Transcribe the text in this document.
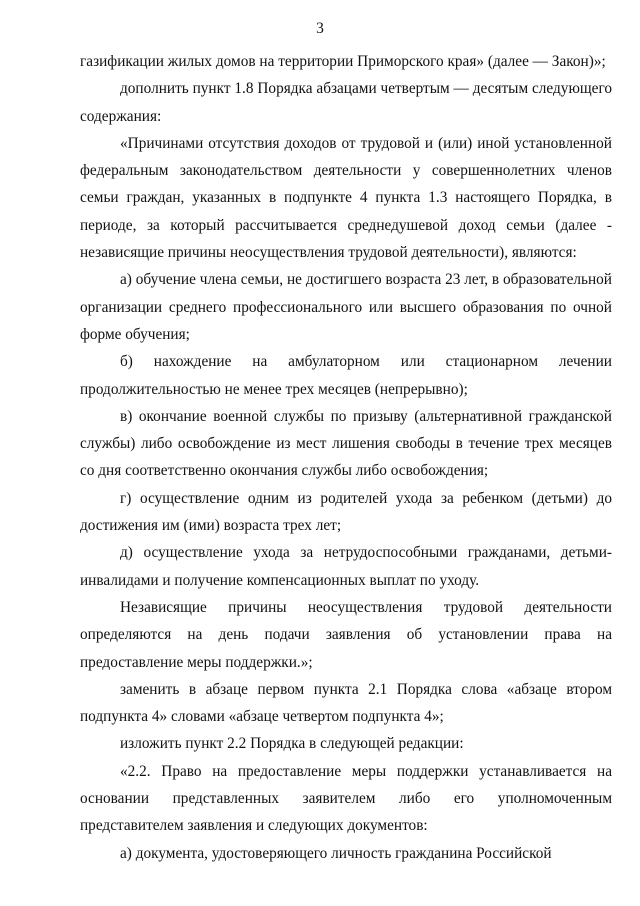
3

газификации жилых домов на территории Приморского края» (далее — Закон)»;

дополнить пункт 1.8 Порядка абзацами четвертым — десятым следующего содержания:

«Причинами отсутствия доходов от трудовой и (или) иной установленной федеральным законодательством деятельности у совершеннолетних членов семьи граждан, указанных в подпункте 4 пункта 1.3 настоящего Порядка, в периоде, за который рассчитывается среднедушевой доход семьи (далее - независящие причины неосуществления трудовой деятельности), являются:

а) обучение члена семьи, не достигшего возраста 23 лет, в образовательной организации среднего профессионального или высшего образования по очной форме обучения;

б) нахождение на амбулаторном или стационарном лечении продолжительностью не менее трех месяцев (непрерывно);

в) окончание военной службы по призыву (альтернативной гражданской службы) либо освобождение из мест лишения свободы в течение трех месяцев со дня соответственно окончания службы либо освобождения;

г) осуществление одним из родителей ухода за ребенком (детьми) до достижения им (ими) возраста трех лет;

д) осуществление ухода за нетрудоспособными гражданами, детьми-инвалидами и получение компенсационных выплат по уходу.

Независящие причины неосуществления трудовой деятельности определяются на день подачи заявления об установлении права на предоставление меры поддержки.»;

заменить в абзаце первом пункта 2.1 Порядка слова «абзаце втором подпункта 4» словами «абзаце четвертом подпункта 4»;

изложить пункт 2.2 Порядка в следующей редакции:

«2.2. Право на предоставление меры поддержки устанавливается на основании представленных заявителем либо его уполномоченным представителем заявления и следующих документов:

а) документа, удостоверяющего личность гражданина Российской
